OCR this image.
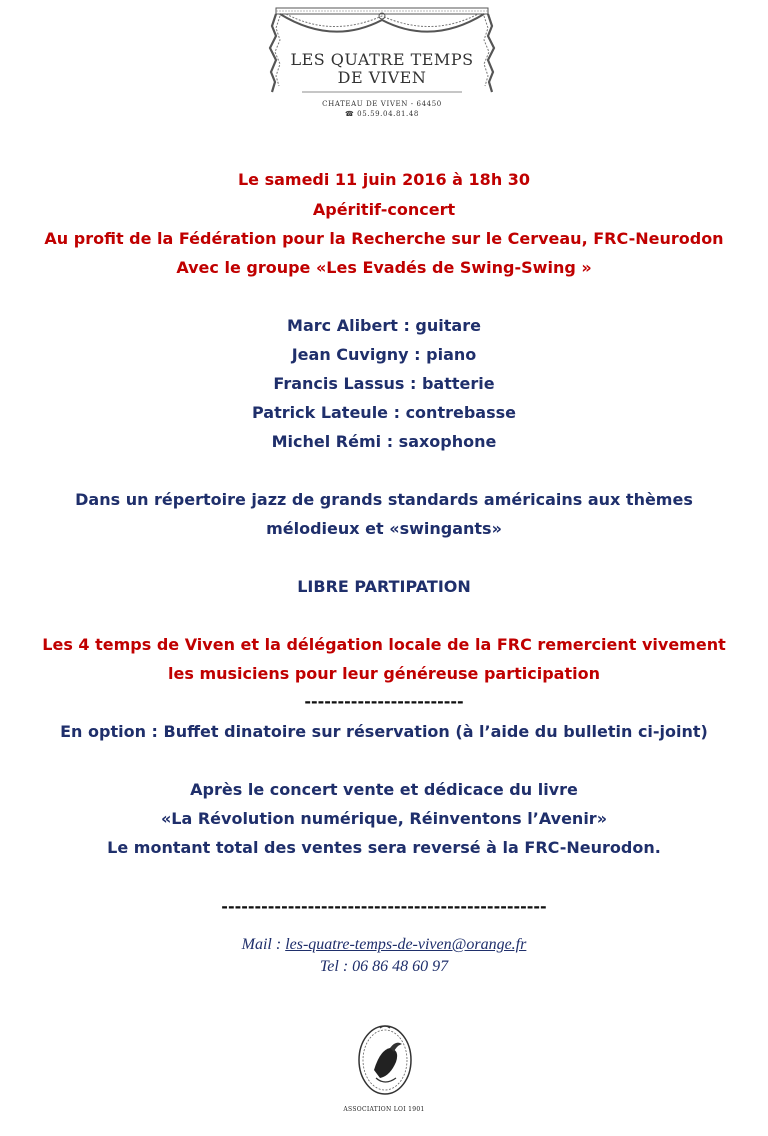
LES QUATRE TEMPS
DE VIVEN
CHATEAU DE VIVEN - 64450
☎ 05.59.04.81.48
Le samedi 11 juin 2016 à 18h 30
Apéritif-concert
Au profit de la Fédération pour la Recherche sur le Cerveau, FRC-Neurodon
Avec le groupe «Les Evadés de Swing-Swing »
Marc Alibert : guitare
Jean Cuvigny : piano
Francis Lassus : batterie
Patrick Lateule : contrebasse
Michel Rémi : saxophone
Dans un répertoire jazz de grands standards américains aux thèmes
mélodieux et «swingants»
LIBRE PARTIPATION
Les 4 temps de Viven et la délégation locale de la FRC remercient vivement
les musiciens pour leur généreuse participation
------------------------
En option : Buffet dinatoire sur réservation (à l’aide du bulletin ci-joint)
Après le concert vente et dédicace du livre
«La Révolution numérique, Réinventons l’Avenir»
Le montant total des ventes sera reversé à la FRC-Neurodon.
-------------------------------------------------
Mail : les-quatre-temps-de-viven@orange.fr
Tel : 06 86 48 60 97
ASSOCIATION LOI 1901
